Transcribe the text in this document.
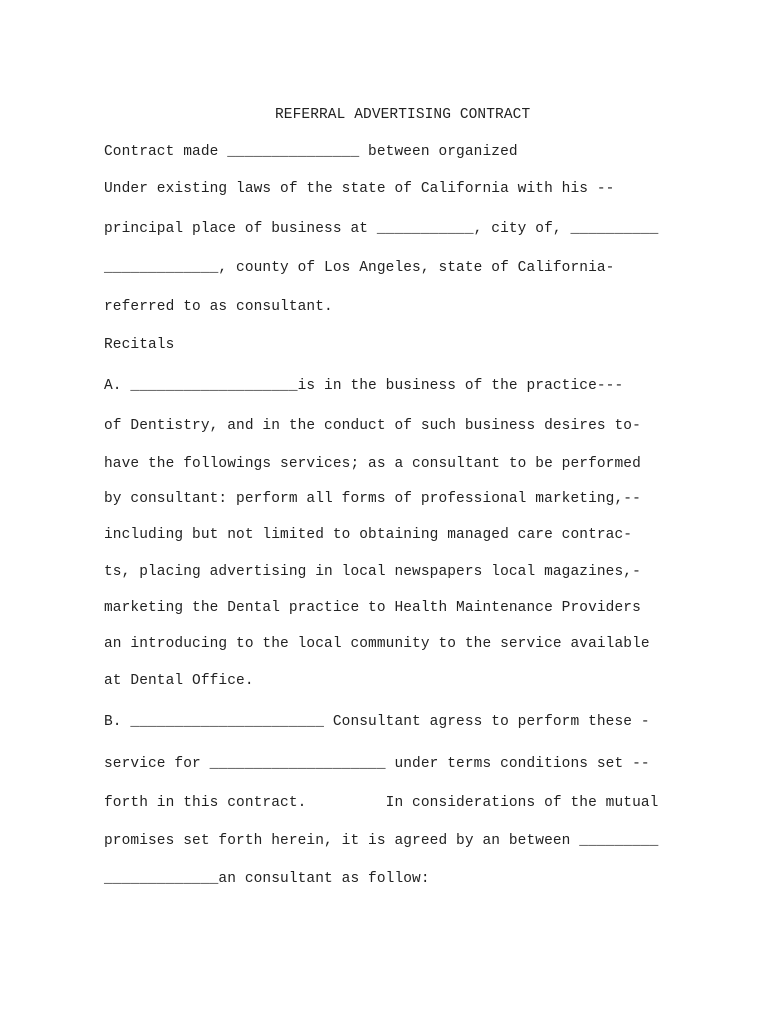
REFERRAL ADVERTISING CONTRACT
Contract made _______________ between organized
Under existing laws of the state of California with his --
principal place of business at ___________, city of, __________
_____________, county of Los Angeles, state of California-
referred to as consultant.
Recitals
A. ___________________is in the business of the practice---
of Dentistry, and in the conduct of such business desires to-
have the followings services; as a consultant to be performed
by consultant: perform all forms of professional marketing,--
including but not limited to obtaining managed care contrac-
ts, placing advertising in local newspapers local magazines,-
marketing the Dental practice to Health Maintenance Providers
an introducing to the local community to the service available
at Dental Office.
B. ______________________ Consultant agress to perform these -
service for ____________________ under terms conditions set --
forth in this contract.         In considerations of the mutual
promises set forth herein, it is agreed by an between _________
_____________an consultant as follow:
